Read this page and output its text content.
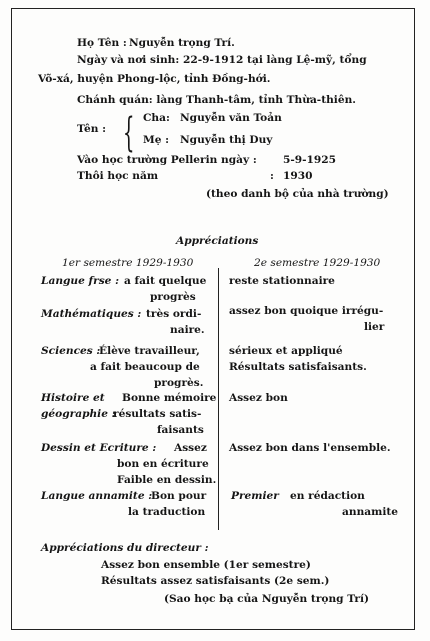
Họ Tên : Nguyễn trọng Trí.
Ngày và nơi sinh: 22-9-1912 tại làng Lệ-mỹ, tổng
Võ-xá, huyện Phong-lộc, tỉnh Đồng-hới.
Chánh quán: làng Thanh-tâm, tỉnh Thừa-thiên.
Tên : { Cha: Nguyễn văn Toản
Mẹ : Nguyễn thị Duy
Vào học trường Pellerin ngày : 5-9-1925
Thôi học năm	: 1930
(theo danh bộ của nhà trường)
Appréciations
1er semestre 1929-1930	2e semestre 1929-1930
Langue frse : a fait quelque
progrès
reste stationnaire
Mathématiques : très ordi-
naire.
assez bon quoique irrégu-
lier
Sciences :
Élève travailleur,
a fait beaucoup de
progrès.
sérieux et appliqué
Résultats satisfaisants.
Histoire et Bonne mémoire
géographie :
résultats satis-
faisants
Assez bon
Dessin et Ecriture : Assez
bon en écriture
Faible en dessin.
Assez bon dans l'ensemble.
Langue annamite :
Bon pour
la traduction
Premier en rédaction
annamite
Appréciations du directeur :
Assez bon ensemble (1er semestre)
Résultats assez satisfaisants (2e sem.)
(Sao học bạ của Nguyễn trọng Trí)
